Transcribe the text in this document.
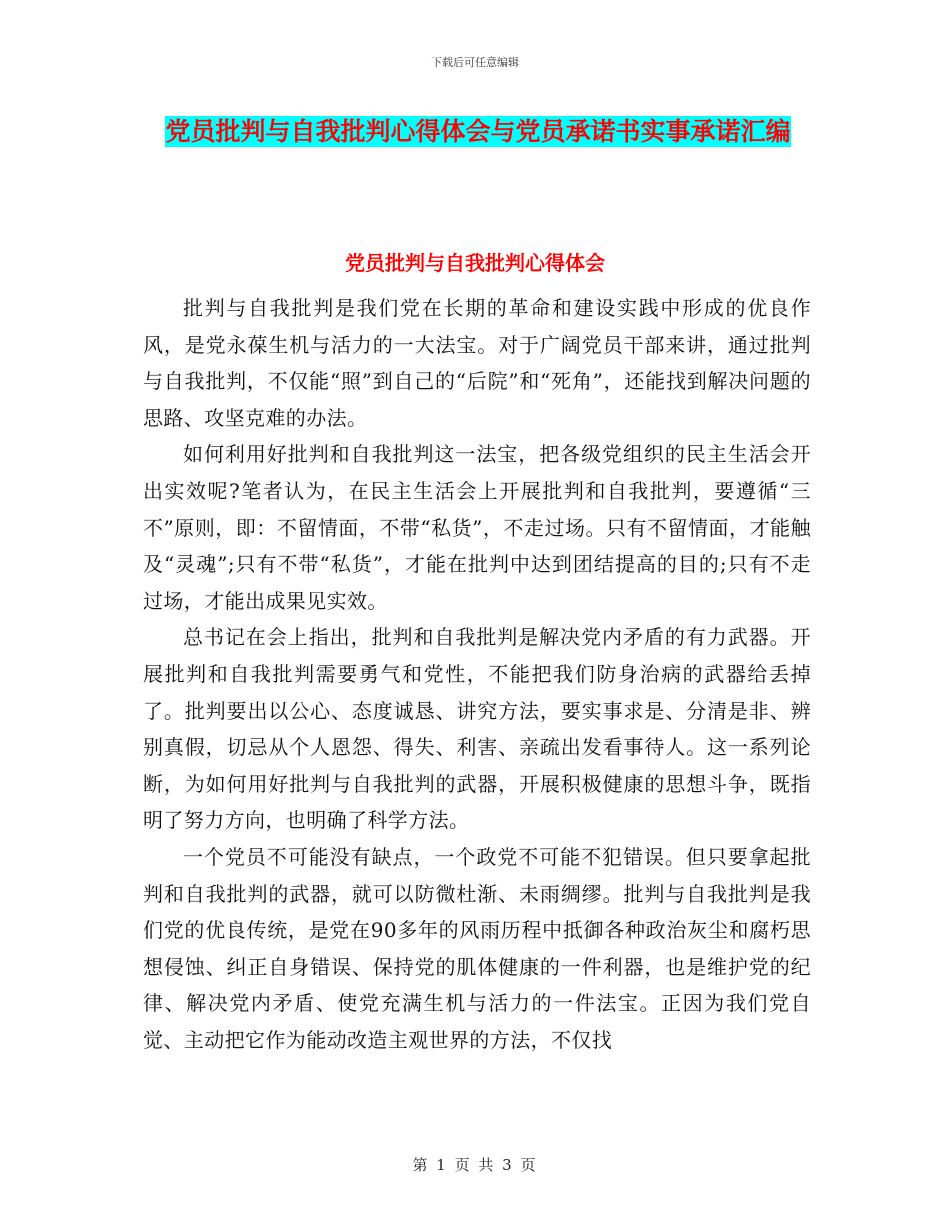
下载后可任意编辑
党员批判与自我批判心得体会与党员承诺书实事承诺汇编
党员批判与自我批判心得体会

批判与自我批判是我们党在长期的革命和建设实践中形成的优良作风，是党永葆生机与活力的一大法宝。对于广阔党员干部来讲，通过批判与自我批判，不仅能“照”到自己的“后院”和“死角”，还能找到解决问题的思路、攻坚克难的办法。

如何利用好批判和自我批判这一法宝，把各级党组织的民主生活会开出实效呢?笔者认为，在民主生活会上开展批判和自我批判，要遵循“三不”原则，即：不留情面，不带“私货”，不走过场。只有不留情面，才能触及“灵魂”;只有不带“私货”，才能在批判中达到团结提高的目的;只有不走过场，才能出成果见实效。

总书记在会上指出，批判和自我批判是解决党内矛盾的有力武器。开展批判和自我批判需要勇气和党性，不能把我们防身治病的武器给丢掉了。批判要出以公心、态度诚恳、讲究方法，要实事求是、分清是非、辨别真假，切忌从个人恩怨、得失、利害、亲疏出发看事待人。这一系列论断，为如何用好批判与自我批判的武器，开展积极健康的思想斗争，既指明了努力方向，也明确了科学方法。

一个党员不可能没有缺点，一个政党不可能不犯错误。但只要拿起批判和自我批判的武器，就可以防微杜渐、未雨绸缪。批判与自我批判是我们党的优良传统，是党在90多年的风雨历程中抵御各种政治灰尘和腐朽思想侵蚀、纠正自身错误、保持党的肌体健康的一件利器，也是维护党的纪律、解决党内矛盾、使党充满生机与活力的一件法宝。正因为我们党自觉、主动把它作为能动改造主观世界的方法，不仅找

第 1 页 共 3 页
